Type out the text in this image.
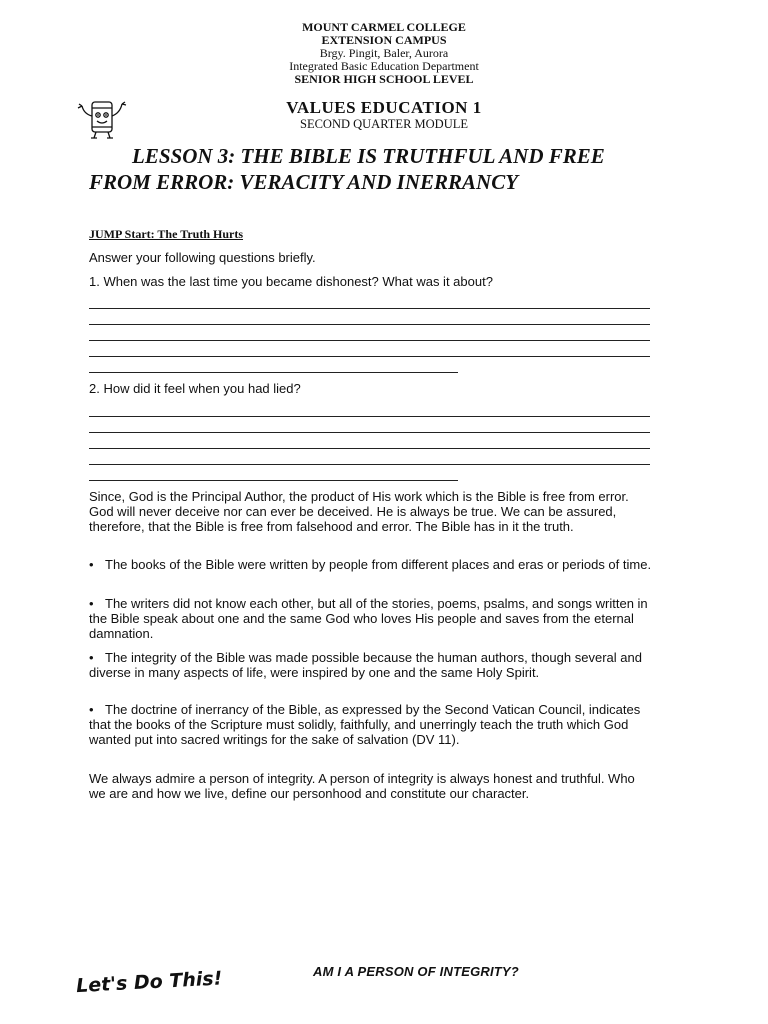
MOUNT CARMEL COLLEGE
EXTENSION CAMPUS
Brgy. Pingit, Baler, Aurora
Integrated Basic Education Department
SENIOR HIGH SCHOOL LEVEL
VALUES EDUCATION 1
SECOND QUARTER MODULE
LESSON 3: THE BIBLE IS TRUTHFUL AND FREE FROM ERROR: VERACITY AND INERRANCY
JUMP Start: The Truth Hurts

Answer your following questions briefly.

1. When was the last time you became dishonest? What was it about?

2. How did it feel when you had lied?

Since, God is the Principal Author, the product of His work which is the Bible is free from error. God will never deceive nor can ever be deceived. He is always be true. We can be assured, therefore, that the Bible is free from falsehood and error. The Bible has in it the truth.

• The books of the Bible were written by people from different places and eras or periods of time.

• The writers did not know each other, but all of the stories, poems, psalms, and songs written in the Bible speak about one and the same God who loves His people and saves from the eternal damnation.

• The integrity of the Bible was made possible because the human authors, though several and diverse in many aspects of life, were inspired by one and the same Holy Spirit.

• The doctrine of inerrancy of the Bible, as expressed by the Second Vatican Council, indicates that the books of the Scripture must solidly, faithfully, and unerringly teach the truth which God wanted put into sacred writings for the sake of salvation (DV 11).

We always admire a person of integrity. A person of integrity is always honest and truthful. Who we are and how we live, define our personhood and constitute our character.

Let's Do This!	AM I A PERSON OF INTEGRITY?
